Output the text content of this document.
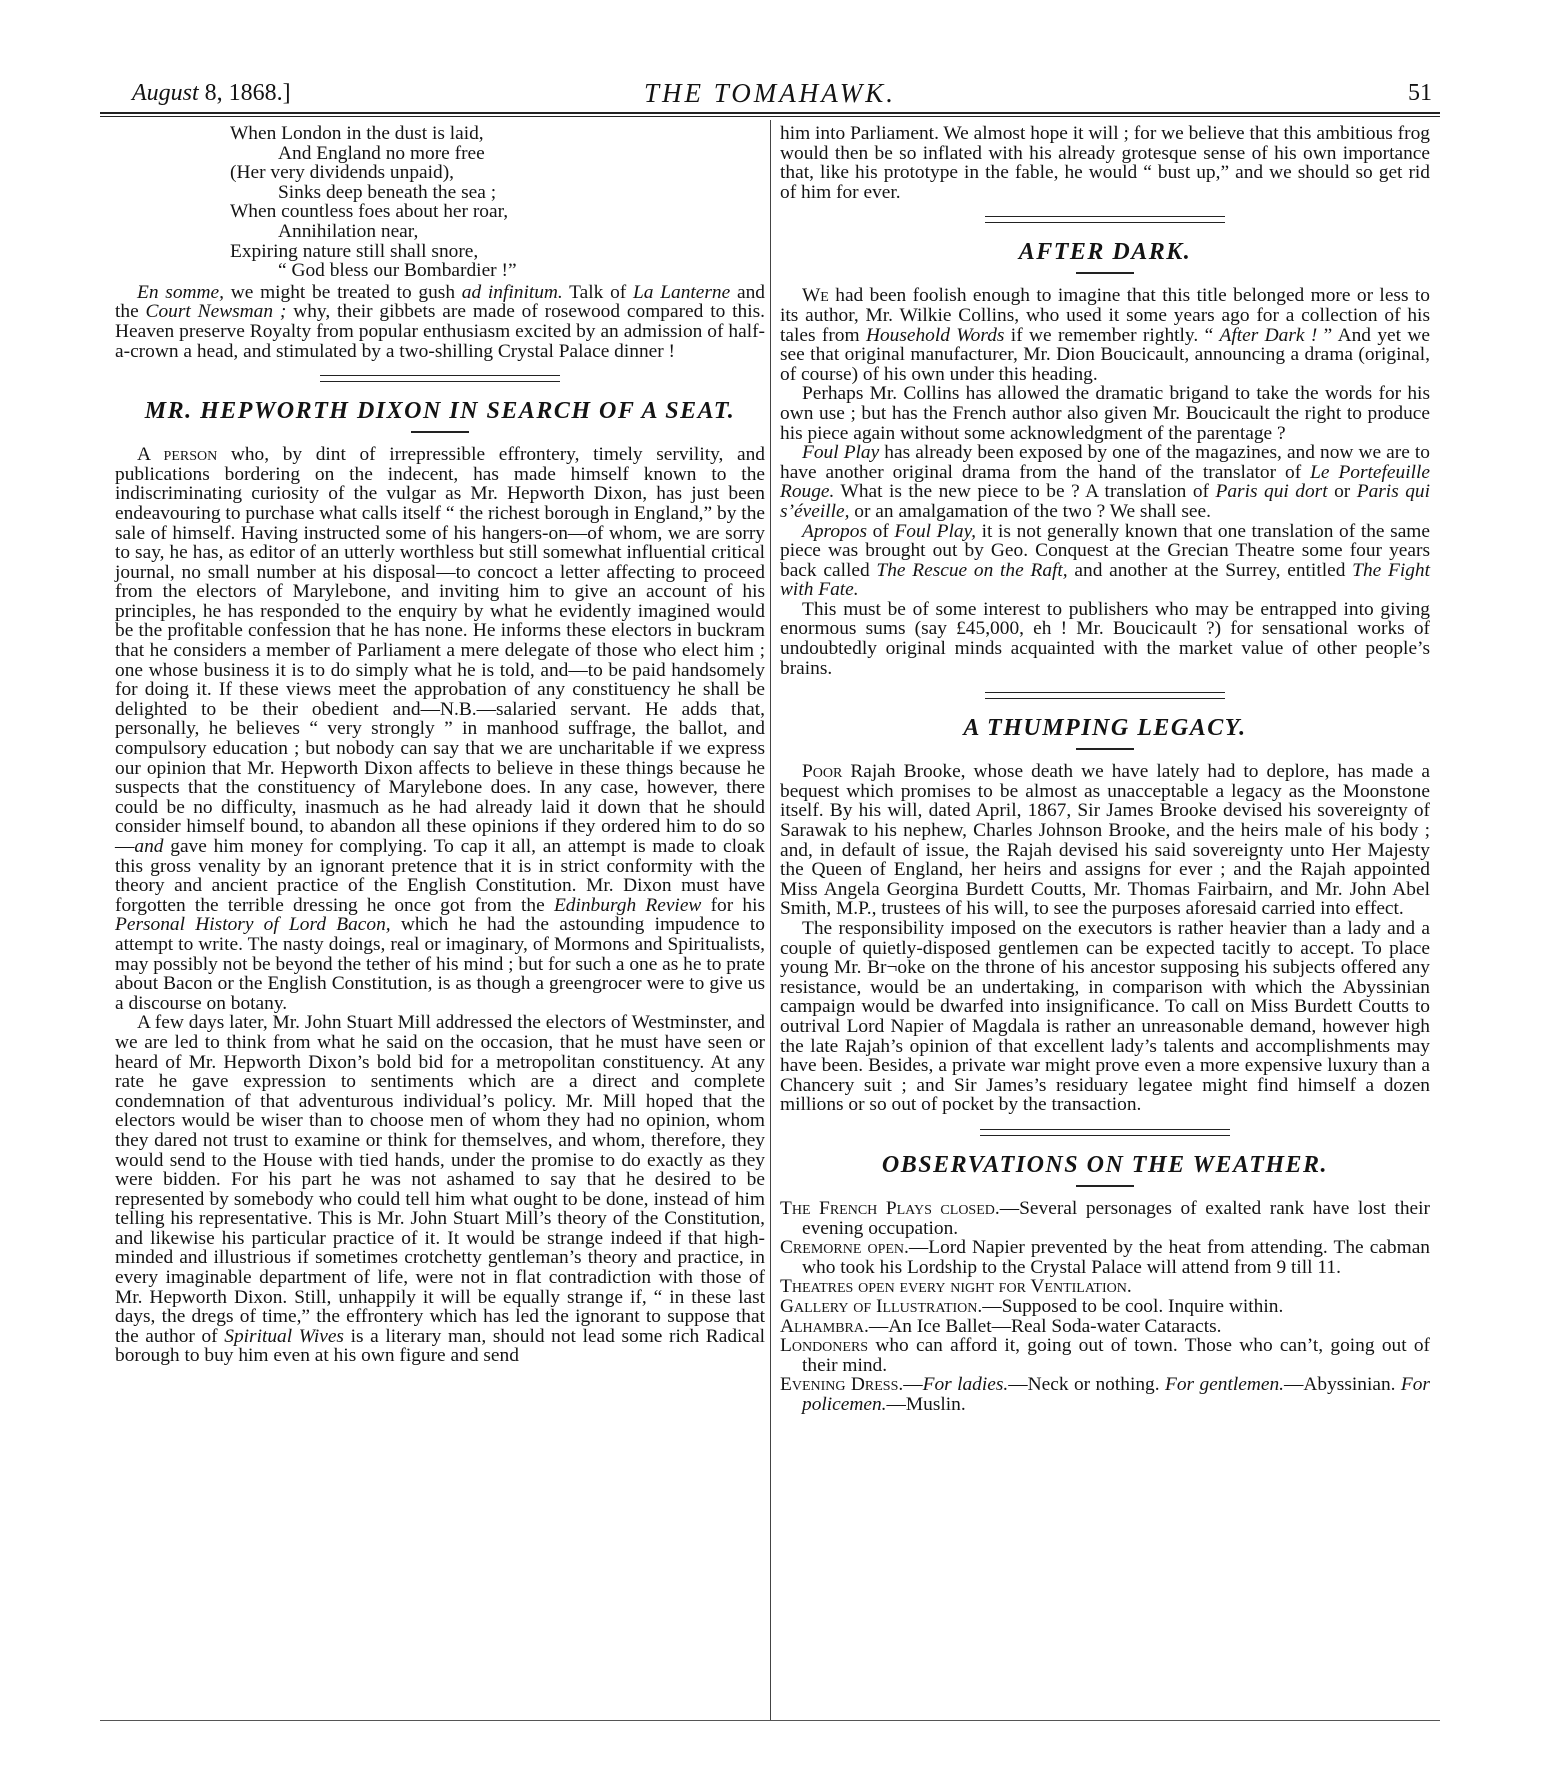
August 8, 1868.]	THE TOMAHAWK.	51
When London in the dust is laid,
And England no more free
(Her very dividends unpaid),
Sinks deep beneath the sea ;
When countless foes about her roar,
Annihilation near,
Expiring nature still shall snore,
“ God bless our Bombardier !”

En somme, we might be treated to gush ad infinitum. Talk of La Lanterne and the Court Newsman ; why, their gibbets are made of rosewood compared to this. Heaven preserve Royalty from popular enthusiasm excited by an admission of half-a-crown a head, and stimulated by a two-shilling Crystal Palace dinner !

MR. HEPWORTH DIXON IN SEARCH OF A SEAT.

A person who, by dint of irrepressible effrontery, timely servility, and publications bordering on the indecent, has made himself known to the indiscriminating curiosity of the vulgar as Mr. Hepworth Dixon, has just been endeavouring to purchase what calls itself “ the richest borough in England,” by the sale of himself. Having instructed some of his hangers-on—of whom, we are sorry to say, he has, as editor of an utterly worthless but still somewhat influential critical journal, no small number at his disposal—to concoct a letter affecting to proceed from the electors of Marylebone, and inviting him to give an account of his principles, he has responded to the enquiry by what he evidently imagined would be the profitable confession that he has none. He informs these electors in buckram that he considers a member of Parliament a mere delegate of those who elect him ; one whose business it is to do simply what he is told, and—to be paid handsomely for doing it. If these views meet the approbation of any constituency he shall be delighted to be their obedient and—N.B.—salaried servant. He adds that, personally, he believes “ very strongly ” in manhood suffrage, the ballot, and compulsory education ; but nobody can say that we are uncharitable if we express our opinion that Mr. Hepworth Dixon affects to believe in these things because he suspects that the constituency of Marylebone does. In any case, however, there could be no difficulty, inasmuch as he had already laid it down that he should consider himself bound, to abandon all these opinions if they ordered him to do so—and gave him money for complying. To cap it all, an attempt is made to cloak this gross venality by an ignorant pretence that it is in strict conformity with the theory and ancient practice of the English Constitution. Mr. Dixon must have forgotten the terrible dressing he once got from the Edinburgh Review for his Personal History of Lord Bacon, which he had the astounding impudence to attempt to write. The nasty doings, real or imaginary, of Mormons and Spiritualists, may possibly not be beyond the tether of his mind ; but for such a one as he to prate about Bacon or the English Constitution, is as though a greengrocer were to give us a discourse on botany.

A few days later, Mr. John Stuart Mill addressed the electors of Westminster, and we are led to think from what he said on the occasion, that he must have seen or heard of Mr. Hepworth Dixon’s bold bid for a metropolitan constituency. At any rate he gave expression to sentiments which are a direct and complete condemnation of that adventurous individual’s policy. Mr. Mill hoped that the electors would be wiser than to choose men of whom they had no opinion, whom they dared not trust to examine or think for themselves, and whom, therefore, they would send to the House with tied hands, under the promise to do exactly as they were bidden. For his part he was not ashamed to say that he desired to be represented by somebody who could tell him what ought to be done, instead of him telling his representative. This is Mr. John Stuart Mill’s theory of the Constitution, and likewise his particular practice of it. It would be strange indeed if that high-minded and illustrious if sometimes crotchetty gentleman’s theory and practice, in every imaginable department of life, were not in flat contradiction with those of Mr. Hepworth Dixon. Still, unhappily it will be equally strange if, “ in these last days, the dregs of time,” the effrontery which has led the ignorant to suppose that the author of Spiritual Wives is a literary man, should not lead some rich Radical borough to buy him even at his own figure and send

him into Parliament. We almost hope it will ; for we believe that this ambitious frog would then be so inflated with his already grotesque sense of his own importance that, like his prototype in the fable, he would “ bust up,” and we should so get rid of him for ever.

AFTER DARK.

We had been foolish enough to imagine that this title belonged more or less to its author, Mr. Wilkie Collins, who used it some years ago for a collection of his tales from Household Words if we remember rightly. “ After Dark ! ” And yet we see that original manufacturer, Mr. Dion Boucicault, announcing a drama (original, of course) of his own under this heading.

Perhaps Mr. Collins has allowed the dramatic brigand to take the words for his own use ; but has the French author also given Mr. Boucicault the right to produce his piece again without some acknowledgment of the parentage ?

Foul Play has already been exposed by one of the magazines, and now we are to have another original drama from the hand of the translator of Le Portefeuille Rouge. What is the new piece to be ? A translation of Paris qui dort or Paris qui s’éveille, or an amalgamation of the two ? We shall see.

Apropos of Foul Play, it is not generally known that one translation of the same piece was brought out by Geo. Conquest at the Grecian Theatre some four years back called The Rescue on the Raft, and another at the Surrey, entitled The Fight with Fate.

This must be of some interest to publishers who may be entrapped into giving enormous sums (say £45,000, eh ! Mr. Boucicault ?) for sensational works of undoubtedly original minds acquainted with the market value of other people’s brains.

A THUMPING LEGACY.

Poor Rajah Brooke, whose death we have lately had to deplore, has made a bequest which promises to be almost as unacceptable a legacy as the Moonstone itself. By his will, dated April, 1867, Sir James Brooke devised his sovereignty of Sarawak to his nephew, Charles Johnson Brooke, and the heirs male of his body ; and, in default of issue, the Rajah devised his said sovereignty unto Her Majesty the Queen of England, her heirs and assigns for ever ; and the Rajah appointed Miss Angela Georgina Burdett Coutts, Mr. Thomas Fairbairn, and Mr. John Abel Smith, M.P., trustees of his will, to see the purposes aforesaid carried into effect.

The responsibility imposed on the executors is rather heavier than a lady and a couple of quietly-disposed gentlemen can be expected tacitly to accept. To place young Mr. Br¬oke on the throne of his ancestor supposing his subjects offered any resistance, would be an undertaking, in comparison with which the Abyssinian campaign would be dwarfed into insignificance. To call on Miss Burdett Coutts to outrival Lord Napier of Magdala is rather an unreasonable demand, however high the late Rajah’s opinion of that excellent lady’s talents and accomplishments may have been. Besides, a private war might prove even a more expensive luxury than a Chancery suit ; and Sir James’s residuary legatee might find himself a dozen millions or so out of pocket by the transaction.

OBSERVATIONS ON THE WEATHER.
The French Plays closed.—Several personages of exalted rank have lost their evening occupation.
Cremorne open.—Lord Napier prevented by the heat from attending. The cabman who took his Lordship to the Crystal Palace will attend from 9 till 11.
Theatres open every night for Ventilation.
Gallery of Illustration.—Supposed to be cool. Inquire within.
Alhambra.—An Ice Ballet—Real Soda-water Cataracts.
Londoners who can afford it, going out of town. Those who can’t, going out of their mind.
Evening Dress.—For ladies.—Neck or nothing. For gentlemen.—Abyssinian. For policemen.—Muslin.
